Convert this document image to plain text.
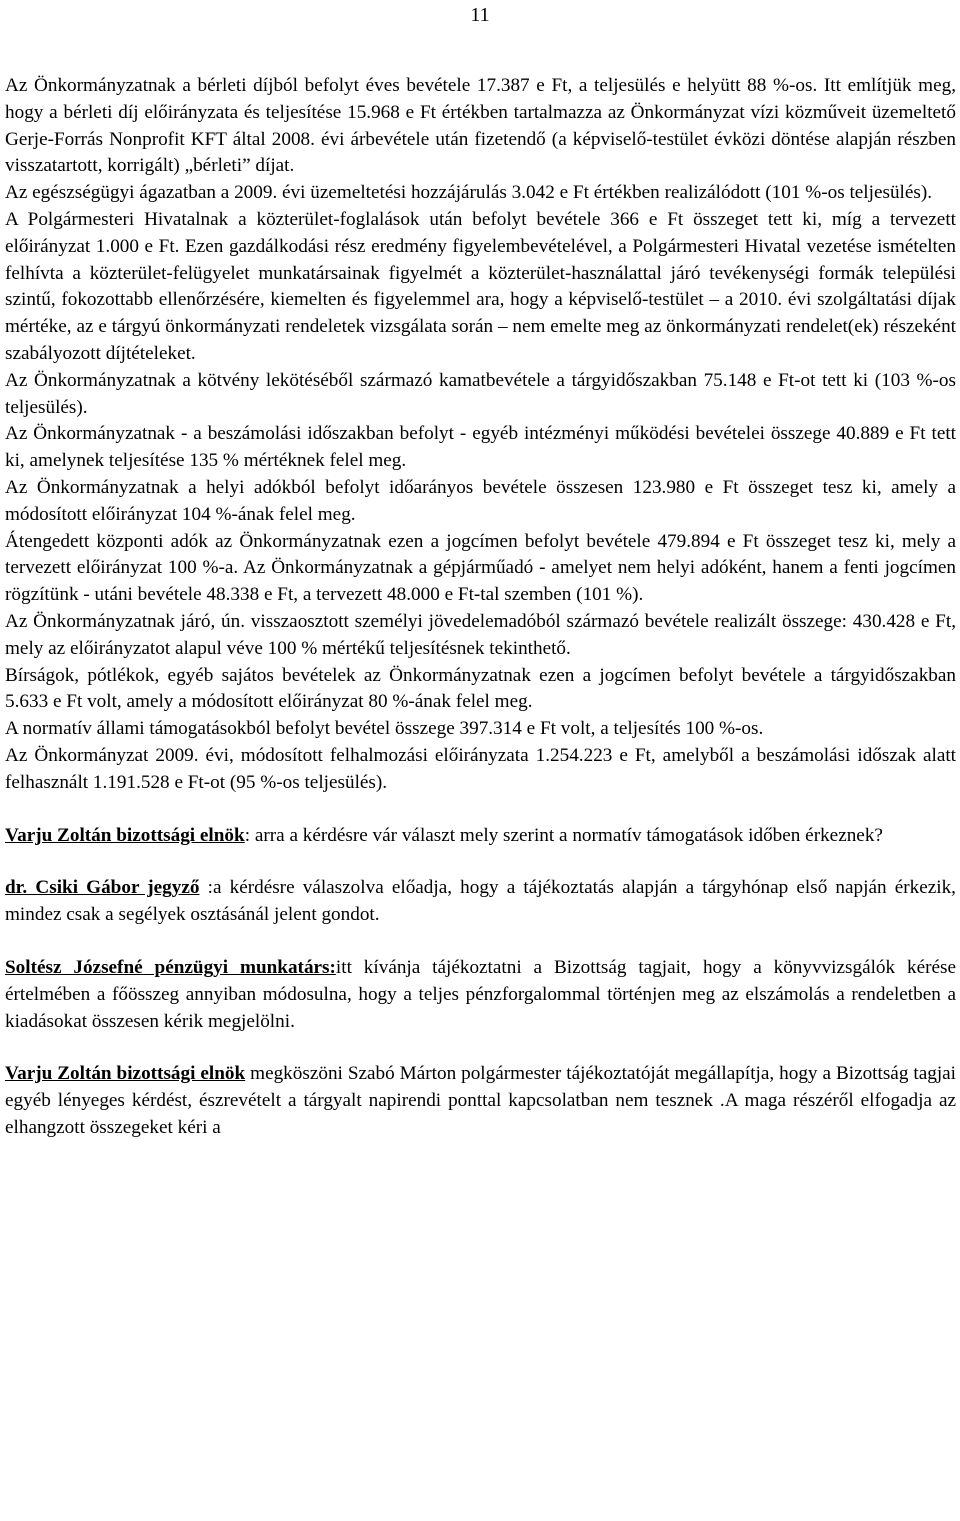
11

Az Önkormányzatnak a bérleti díjból befolyt éves bevétele 17.387 e Ft, a teljesülés e helyütt 88 %-os. Itt említjük meg, hogy a bérleti díj előirányzata és teljesítése 15.968 e Ft értékben tartalmazza az Önkormányzat vízi közműveit üzemeltető Gerje-Forrás Nonprofit KFT által 2008. évi árbevétele után fizetendő (a képviselő-testület évközi döntése alapján részben visszatartott, korrigált) „bérleti” díjat.

Az egészségügyi ágazatban a 2009. évi üzemeltetési hozzájárulás 3.042 e Ft értékben realizálódott (101 %-os teljesülés).

A Polgármesteri Hivatalnak a közterület-foglalások után befolyt bevétele 366 e Ft összeget tett ki, míg a tervezett előirányzat 1.000 e Ft. Ezen gazdálkodási rész eredmény figyelembevételével, a Polgármesteri Hivatal vezetése ismételten felhívta a közterület-felügyelet munkatársainak figyelmét a közterület-használattal járó tevékenységi formák települési szintű, fokozottabb ellenőrzésére, kiemelten és figyelemmel ara, hogy a képviselő-testület – a 2010. évi szolgáltatási díjak mértéke, az e tárgyú önkormányzati rendeletek vizsgálata során – nem emelte meg az önkormányzati rendelet(ek) részeként szabályozott díjtételeket.

Az Önkormányzatnak a kötvény lekötéséből származó kamatbevétele a tárgyidőszakban 75.148 e Ft-ot tett ki (103 %-os teljesülés).

Az Önkormányzatnak - a beszámolási időszakban befolyt - egyéb intézményi működési bevételei összege 40.889 e Ft tett ki, amelynek teljesítése 135 % mértéknek felel meg.

Az Önkormányzatnak a helyi adókból befolyt időarányos bevétele összesen 123.980 e Ft összeget tesz ki, amely a módosított előirányzat 104 %-ának felel meg.

Átengedett központi adók az Önkormányzatnak ezen a jogcímen befolyt bevétele 479.894 e Ft összeget tesz ki, mely a tervezett előirányzat 100 %-a. Az Önkormányzatnak a gépjárműadó - amelyet nem helyi adóként, hanem a fenti jogcímen rögzítünk - utáni bevétele 48.338 e Ft, a tervezett 48.000 e Ft-tal szemben (101 %).

Az Önkormányzatnak járó, ún. visszaosztott személyi jövedelemadóból származó bevétele realizált összege: 430.428 e Ft, mely az előirányzatot alapul véve 100 % mértékű teljesítésnek tekinthető.

Bírságok, pótlékok, egyéb sajátos bevételek az Önkormányzatnak ezen a jogcímen befolyt bevétele a tárgyidőszakban 5.633 e Ft volt, amely a módosított előirányzat 80 %-ának felel meg.

A normatív állami támogatásokból befolyt bevétel összege 397.314 e Ft volt, a teljesítés 100 %-os.

Az Önkormányzat 2009. évi, módosított felhalmozási előirányzata 1.254.223 e Ft, amelyből a beszámolási időszak alatt felhasznált 1.191.528 e Ft-ot (95 %-os teljesülés).

Varju Zoltán bizottsági elnök: arra a kérdésre vár választ mely szerint a normatív támogatások időben érkeznek?

dr. Csiki Gábor jegyző :a kérdésre válaszolva előadja, hogy a tájékoztatás alapján a tárgyhónap első napján érkezik, mindez csak a segélyek osztásánál jelent gondot.

Soltész Józsefné pénzügyi munkatárs:itt kívánja tájékoztatni a Bizottság tagjait, hogy a könyvvizsgálók kérése értelmében a főösszeg annyiban módosulna, hogy a teljes pénzforgalommal történjen meg az elszámolás a rendeletben a kiadásokat összesen kérik megjelölni.

Varju Zoltán bizottsági elnök megköszöni Szabó Márton polgármester tájékoztatóját megállapítja, hogy a Bizottság tagjai egyéb lényeges kérdést, észrevételt a tárgyalt napirendi ponttal kapcsolatban nem tesznek .A maga részéről elfogadja az elhangzott összegeket kéri a
